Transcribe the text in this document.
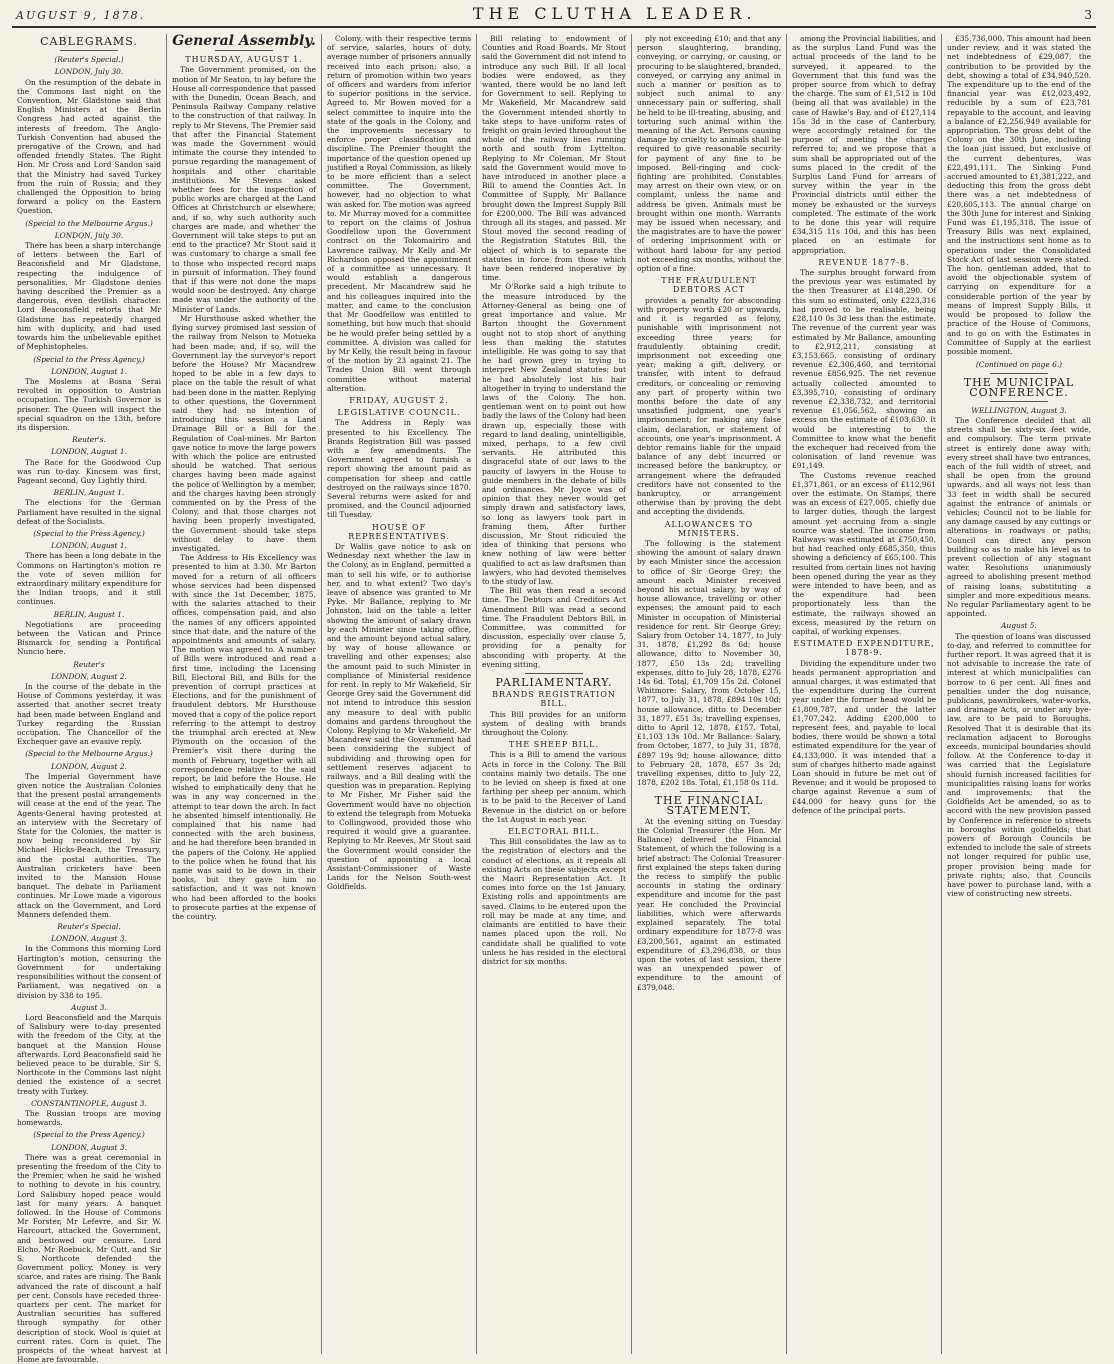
AUGUST 9, 1878.	THE CLUTHA LEADER.	3
CABLEGRAMS.
(Reuter's Special.)
LONDON, July 30.

On the resumption of the debate in the Commons last night on the Convention, Mr Gladstone said that English Ministers at the Berlin Congress had acted against the interests of freedom. The Anglo-Turkish Convention had abused the prerogative of the Crown, and had offended friendly States. The Right Hon. Mr Cross and Lord Sandon said that the Ministry had saved Turkey from the ruin of Russia; and they challenged the Opposition to bring forward a policy on the Eastern Question.

(Special to the Melbourne Argus.)
LONDON, July 30.

There has been a sharp interchange of letters between the Earl of Beaconsfield and Mr Gladstone, respecting the indulgence of personalities. Mr Gladstone denies having described the Premier as a dangerous, even devilish character. Lord Beaconsfield retorts that Mr Gladstone has repeatedly charged him with duplicity, and had used towards him the unbelievable epithet of Mephistopheles.

(Special to the Press Agency.)
LONDON, August 1.

The Moslems at Bosna Serai revolted in opposition to Austrian occupation. The Turkish Governor is prisoner. The Queen will inspect the special squadron on the 13th, before its dispersion.

Reuter's.
LONDON, August 1.

The Race for the Goodwood Cup was run to-day. Kincsem was first, Pageant second, Guy Lightly third.

BERLIN, August 1.

The elections for the German Parliament have resulted in the signal defeat of the Socialists.

(Special to the Press Agency.)
LONDON, August 1.

There has been a long debate in the Commons on Hartington's motion re the vote of seven million for extraordinary military expenditure for the Indian troops, and it still continues.

BERLIN, August 1.

Negotiations are proceeding between the Vatican and Prince Bismarck for sending a Pontifical Nuncio here.

Reuter's
LONDON, August 2.

In the course of the debate in the House of Commons yesterday, it was asserted that another secret treaty had been made between England and Turkey regarding the Russian occupation. The Chancellor of the Exchequer gave an evasive reply.

(Special to the Melbourne Argus.)
LONDON, August 2.

The Imperial Government have given notice the Australian Colonies that the present postal arrangements will cease at the end of the year. The Agents-General having protested at an interview with the Secretary of State for the Colonies, the matter is now being reconsidered by Sir Michael Hicks-Beach, the Treasury, and the postal authorities. The Australian cricketers have been invited to the Mansion House banquet. The debate in Parliament continues. Mr Lowe made a vigorous attack on the Government, and Lord Manners defended them.

Reuter's Special.
LONDON, August 3.

In the Commons this morning Lord Hartington's motion, censuring the Government for undertaking responsibilities without the consent of Parliament, was negatived on a division by 338 to 195.

August 3.

Lord Beaconsfield and the Marquis of Salisbury were to-day presented with the freedom of the City, at the banquet at the Mansion House afterwards. Lord Beaconsfield said he believed peace to be durable. Sir S. Northcote in the Commons last night denied the existence of a secret treaty with Turkey.

CONSTANTINOPLE, August 3.

The Russian troops are moving homewards.

(Special to the Press Agency.)
LONDON, August 3.

There was a great ceremonial in presenting the freedom of the City to the Premier, when he said he wished to nothing to devote in his country. Lord Salisbury hoped peace would last for many years. A banquet followed. In the House of Commons Mr Forster, Mr Lefevre, and Sir W. Harcourt, attacked the Government, and bestowed our censure. Lord Elcho, Mr Roebuck, Mr Cutt, and Sir S. Northcote defended the Government policy. Money is very scarce, and rates are rising. The Bank advanced the rate of discount a half per cent. Consols have receded three-quarters per cent. The market for Australian securities has suffered through sympathy for other description of stock. Wool is quiet at current rates. Corn is quiet. The prospects of the wheat harvest at Home are favourable.

General Assembly.
THURSDAY, AUGUST 1.

The Government promised, on the motion of Mr Seaton, to lay before the House all correspondence that passed with the Dunedin, Ocean Beach, and Peninsula Railway Company relative to the construction of that railway. In reply to Mr Stevens, The Premier said that after the Financial Statement was made the Government would intimate the course they intended to pursue regarding the management of hospitals and other charitable institutions. Mr Stevens asked whether fees for the inspection of public works are charged at the Land Offices at Christchurch or elsewhere; and, if so, why such authority such charges are made, and whether the Government will take steps to put an end to the practice? Mr Stout said it was customary to charge a small fee to those who inspected record maps in pursuit of information. They found that if this were not done the maps would soon be destroyed. Any charge made was under the authority of the Minister of Lands.

Mr Hursthouse asked whether the flying survey promised last session of the railway from Nelson to Motueka had been made; and, if so, will the Government lay the surveyor's report before the House? Mr Macandrew hoped to be able in a few days to place on the table the result of what had been done in the matter. Replying to other questions, the Government said they had no intention of introducing this session a Land Drainage Bill or a Bill for the Regulation of Coal-mines. Mr Barton gave notice to move the large powers with which the police are entrusted should be watched. That serious charges having been made against the police of Wellington by a member, and the charges having been strongly commented on by the Press of the Colony, and that those charges not having been properly investigated, the Government should take steps without delay to have them investigated.

The Address to His Excellency was presented to him at 3.30. Mr Barton moved for a return of all officers whose services had been dispensed with since the 1st December, 1875, with the salaries attached to their offices, compensation paid, and also the names of any officers appointed since that date, and the nature of the appointments and amounts of salary. The motion was agreed to. A number of Bills were introduced and read a first time, including the Licensing Bill, Electoral Bill, and Bills for the prevention of corrupt practices at Elections, and for the punishment of fraudulent debtors. Mr Hursthouse moved that a copy of the police report referring to the attempt to destroy the triumphal arch erected at New Plymouth on the occasion of the Premier's visit there during the month of February, together with all correspondence relative to the said report, be laid before the House. He wished to emphatically deny that he was in any way concerned in the attempt to tear down the arch. In fact he absented himself intentionally. He complained that his name had connected with the arch business, and he had therefore been branded in the papers of the Colony. He applied to the police when he found that his name was said to be down in their books, but they gave him no satisfaction, and it was not known who had been afforded to the books to prosecute parties at the expense of the country.

Colony, with their respective terms of service, salaries, hours of duty, average number of prisoners annually received into each prison; also, a return of promotion within two years of officers and warders from inferior to superior positions in the service. Agreed to. Mr Bowen moved for a select committee to inquire into the state of the goals in the Colony, and the improvements necessary to enforce proper classification and discipline. The Premier thought the importance of the question opened up justified a Royal Commission, as likely to be more efficient than a select committee. The Government, however, had no objection to what was asked for. The motion was agreed to. Mr Murray moved for a committee to report on the claims of Joshua Goodfellow upon the Government contract on the Tokomairiro and Lawrence railway. Mr Kelly and Mr Richardson opposed the appointment of a committee as unnecessary. It would establish a dangerous precedent. Mr Macandrew said he and his colleagues inquired into the matter, and came to the conclusion that Mr Goodfellow was entitled to something, but how much that should be he would prefer being settled by a committee. A division was called for by Mr Kelly, the result being in favour of the motion by 23 against 21. The Trades Union Bill went through committee without material alteration.

FRIDAY, AUGUST 2.
LEGISLATIVE COUNCIL.

The Address in Reply was presented to his Excellency. The Brands Registration Bill was passed with a few amendments. The Government agreed to furnish a report showing the amount paid as compensation for sheep and cattle destroyed on the railways since 1870. Several returns were asked for and promised, and the Council adjourned till Tuesday.

HOUSE OF REPRESENTATIVES.

Dr Wallis gave notice to ask on Wednesday next whether the law in the Colony, as in England, permitted a man to sell his wife, or to authorise her, and to what extent? Two day's leave of absence was granted to Mr Pyke. Mr Ballance, replying to Mr Johnston, laid on the table a letter showing the amount of salary drawn by each Minister since taking office, and the amount beyond actual salary, by way of house allowance or travelling and other expenses; also the amount paid to such Minister in compliance of Ministerial residence for rent. In reply to Mr Wakefield, Sir George Grey said the Government did not intend to introduce this session any measure to deal with public domains and gardens throughout the Colony. Replying to Mr Wakefield, Mr Macandrew said the Government had been considering the subject of subdividing and throwing open for settlement reserves adjacent to railways, and a Bill dealing with the question was in preparation. Replying to Mr Fisher, Mr Fisher said the Government would have no objection to extend the telegraph from Motueka to Collingwood, provided those who required it would give a guarantee. Replying to Mr Reeves, Mr Stout said the Government would consider the question of appointing a local Assistant-Commissioner of Waste Lands for the Nelson South-west Goldfields.

Bill relating to endowment of Counties and Road Boards. Mr Stout said the Government did not intend to introduce any such Bill. If all local bodies were endowed, as they wanted, there would be no land left for Government to sell. Replying to Mr Wakefield, Mr Macandrew said the Government intended shortly to take steps to have uniform rates of freight on grain levied throughout the whole of the railway lines running north and south from Lyttelton. Replying to Mr Coleman, Mr Stout said the Government would move to have introduced in another place a Bill to amend the Counties Act. In Committee of Supply, Mr Ballance brought down the Imprest Supply Bill for £200,000. The Bill was advanced through all its stages, and passed. Mr Stout moved the second reading of the Registration Statutes Bill, the object of which is to separate the statutes in force from those which have been rendered inoperative by time.

Mr O'Rorke said a high tribute to the measure introduced by the Attorney-General as being one of great importance and value. Mr Barton thought the Government ought not to stop short of anything less than making the statutes intelligible. He was going to say that he had grown grey in trying to interpret New Zealand statutes; but he had absolutely lost his hair altogether in trying to understand the laws of the Colony. The hon. gentleman went on to point out how badly the laws of the Colony had been drawn up, especially those with regard to land dealing, unintelligible, mixed, perhaps, to a few civil servants. He attributed this disgraceful state of our laws to the paucity of lawyers in the House to guide members in the debate of bills and ordinances. Mr Joyce was of opinion that they never would get simply drawn and satisfactory laws, so long as lawyers took part in framing them. After further discussion, Mr Stout ridiculed the idea of thinking that persons who knew nothing of law were better qualified to act as law draftsmen than lawyers, who had devoted themselves to the study of law.

The Bill was then read a second time. The Debtors and Creditors Act Amendment Bill was read a second time. The Fraudulent Debtors Bill, in Committee, was committed for discussion, especially over clause 5, providing for a penalty for absconding with property. At the evening sitting,

PARLIAMENTARY.
BRANDS REGISTRATION BILL.

This Bill provides for an uniform system of dealing with brands throughout the Colony.

THE SHEEP BILL.

This is a Bill to amend the various Acts in force in the Colony. The Bill contains mainly two details. The one to be levied on sheep is fixed at one farthing per sheep per annum, which is to be paid to the Receiver of Land Revenue in the district on or before the 1st August in each year.

ELECTORAL BILL.

This Bill consolidates the law as to the registration of electors and the conduct of elections, as it repeals all existing Acts on these subjects except the Maori Representation Act. It comes into force on the 1st January. Existing rolls and appointments are saved. Claims to be entered upon the roll may be made at any time, and claimants are entitled to have their names placed upon the roll. No candidate shall be qualified to vote unless he has resided in the electoral district for six months.

ply not exceeding £10; and that any person slaughtering, branding, conveying, or carrying, or causing, or procuring to be slaughtered, branded, conveyed, or carrying any animal in such a manner or position as to subject such animal to any unnecessary pain or suffering, shall be held to be ill-treating, abusing, and torturing such animal within the meaning of the Act. Persons causing damage by cruelty to animals shall be required to give reasonable security for payment of any fine to be imposed. Bell-ringing and cock-fighting are prohibited. Constables may arrest on their own view, or on complaint, unless the name and address be given. Animals must be brought within one month. Warrants may be issued when necessary, and the magistrates are to have the power of ordering imprisonment with or without hard labour for any period not exceeding six months, without the option of a fine.

THE FRAUDULENT DEBTORS ACT

provides a penalty for absconding with property worth £20 or upwards, and it is regarded as felony, punishable with imprisonment not exceeding three years; for fraudulently obtaining credit, imprisonment not exceeding one year; making a gift, delivery, or transfer, with intent to defraud creditors, or concealing or removing any part of property within two months before the date of any unsatisfied judgment, one year's imprisonment; for making any false claim, declaration, or statement of accounts, one year's imprisonment. A debtor remains liable for the unpaid balance of any debt incurred or increased before the bankruptcy, or arrangement where the defrauded creditors have not consented to the bankruptcy, or arrangement otherwise than by proving the debt and accepting the dividends.

ALLOWANCES TO MINISTERS.

The following is the statement showing the amount of salary drawn by each Minister since the accession to office of Sir George Grey; the amount each Minister received beyond his actual salary, by way of house allowance, travelling or other expenses; the amount paid to each Minister in occupation of Ministerial residence for rent. Sir George Grey: Salary from October 14, 1877, to July 31, 1878, £1,292 8s 6d; house allowance, ditto to November 30, 1877, £50 13s 2d; travelling expenses, ditto to July 28, 1878, £276 14s 6d. Total, £1,709 15s 2d. Colonel Whitmore: Salary, from October 15, 1877, to July 31, 1878, £894 10s 10d; house allowance, ditto to December 31, 1877, £51 3s; travelling expenses, ditto to April 12, 1878, £157. Total, £1,103 13s 10d. Mr Ballance: Salary, from October, 1877, to July 31, 1878, £897 19s 9d; house allowance, ditto to February 28, 1878, £57 3s 2d; travelling expenses, ditto to July 22, 1878, £202 18s. Total, £1,158 0s 11d.

THE FINANCIAL STATEMENT.

At the evening sitting on Tuesday the Colonial Treasurer (the Hon. Mr Ballance) delivered the Financial Statement, of which the following is a brief abstract: The Colonial Treasurer first explained the steps taken during the recess to simplify the public accounts in stating the ordinary expenditure and income for the past year. He concluded the Provincial liabilities, which were afterwards explained separately. The total ordinary expenditure for 1877-8 was £3,200,561, against an estimated expenditure of £3,296,838, or thus upon the votes of last session, there was an unexpended power of expenditure to the amount of £379,048.

among the Provincial liabilities, and as the surplus Land Fund was the actual proceeds of the land to be surveyed, it appeared to the Government that this fund was the proper source from which to defray the charge. The sum of £1,512 is 10d (being all that was available) in the case of Hawke's Bay, and of £127,114 15s 3d in the case of Canterbury, were accordingly retained for the purpose of meeting the charges referred to; and we propose that a sum shall be appropriated out of the sums placed to the credit of the Surplus Land Fund for arrears of survey within the year in the Provincial districts until either the money be exhausted or the surveys completed. The estimate of the work to be done this year will require £34,315 11s 10d, and this has been placed on an estimate for appropriation.

REVENUE 1877-8.

The surplus brought forward from the previous year was estimated by the then Treasurer at £148,290. Of this sum so estimated, only £223,316 had proved to be realisable, being £28,110 0s 3d less than the estimate. The revenue of the current year was estimated by Mr Ballance, amounting to £2,912,211, consisting at £3,153,665, consisting of ordinary revenue £2,306,460, and territorial revenue £856,925. The net revenue actually collected amounted to £3,395,710, consisting of ordinary revenue £2,338,732, and territorial revenue £1,056,562, showing an excess on the estimate of £103,630. It would be interesting to the Committee to know what the benefit the exchequer had received from the colonisation of land revenue was £91,149.

The Customs revenue reached £1,371,861, or an excess of £112,961 over the estimate. On Stamps, there was an excess of £27,005, chiefly due to larger duties, though the largest amount yet accruing from a single source was stated. The income from Railways was estimated at £750,450, but had reached only £685,350, thus showing a deficiency of £65,100. This resulted from certain lines not having been opened during the year as they were intended to have been, and as the expenditure had been proportionately less than the estimate, the railways showed an excess, measured by the return on capital, of working expenses.

ESTIMATED EXPENDITURE, 1878-9.

Dividing the expenditure under two heads permanent appropriation and annual charges, it was estimated that the expenditure during the current year under the former head would be £1,809,787, and under the latter £1,707,242. Adding £200,000 to represent fees, and payable to local bodies, there would be shown a total estimated expenditure for the year of £4,133,000. It was intended that a sum of charges hitherto made against Loan should in future be met out of Revenue; and it would be proposed to charge against Revenue a sum of £44,000 for heavy guns for the defence of the principal ports.

£35,736,000. This amount had been under review, and it was stated the net indebtedness of £29,087, the contribution to be provided by the debt, showing a total of £34,940,520. The expenditure up to the end of the financial year was £12,023,492, reducible by a sum of £23,781 repayable to the account, and leaving a balance of £2,256,949 available for appropriation. The gross debt of the Colony on the 30th June, including the loan just issued, but exclusive of the current debentures, was £22,491,111. The Sinking Fund accrued amounted to £1,381,222, and deducting this from the gross debt there was a net indebtedness of £20,605,113. The annual charge on the 30th June for interest and Sinking Fund was £1,195,318. The issue of Treasury Bills was next explained, and the instructions sent home as to operations under the Consolidated Stock Act of last session were stated. The hon. gentleman added, that to avoid the objectionable system of carrying on expenditure for a considerable portion of the year by means of Imprest Supply Bills, it would be proposed to follow the practice of the House of Commons, and to go on with the Estimates in Committee of Supply at the earliest possible moment.

(Continued on page 6.)
THE MUNICIPAL CONFERENCE.
WELLINGTON, August 3.

The Conference decided that all streets shall be sixty-six feet wide, and compulsory. The term private street is entirely done away with; every street shall have two entrances, each of the full width of street, and shall be open from the ground upwards, and all ways not less than 33 feet in width shall be secured against the entrance of animals or vehicles; Council not to be liable for any damage caused by any cuttings or alterations in roadways or paths; Council can direct any person building so as to make his level as to prevent collection of any stagnant water. Resolutions unanimously agreed to abolishing present method of raising loans, substituting a simpler and more expeditious means. No regular Parliamentary agent to be appointed.

August 5.

The question of loans was discussed to-day, and referred to committee for further report. It was agreed that it is not advisable to increase the rate of interest at which municipalities can borrow to 6 per cent. All fines and penalties under the dog nuisance, publicans, pawnbrokers, water-works, and drainage Acts, or under any bye-law, are to be paid to Boroughs. Resolved That it is desirable that its reclamation adjacent to Boroughs exceeds, municipal boundaries should follow. At the Conference to-day it was carried that the Legislature should furnish increased facilities for municipalities raising loans for works and improvements; that the Goldfields Act be amended, so as to accord with the new provision passed by Conference in reference to streets in boroughs within goldfields; that powers of Borough Councils be extended to include the sale of streets not longer required for public use, proper provision being made for private rights; also, that Councils have power to purchase land, with a view of constructing new streets.
